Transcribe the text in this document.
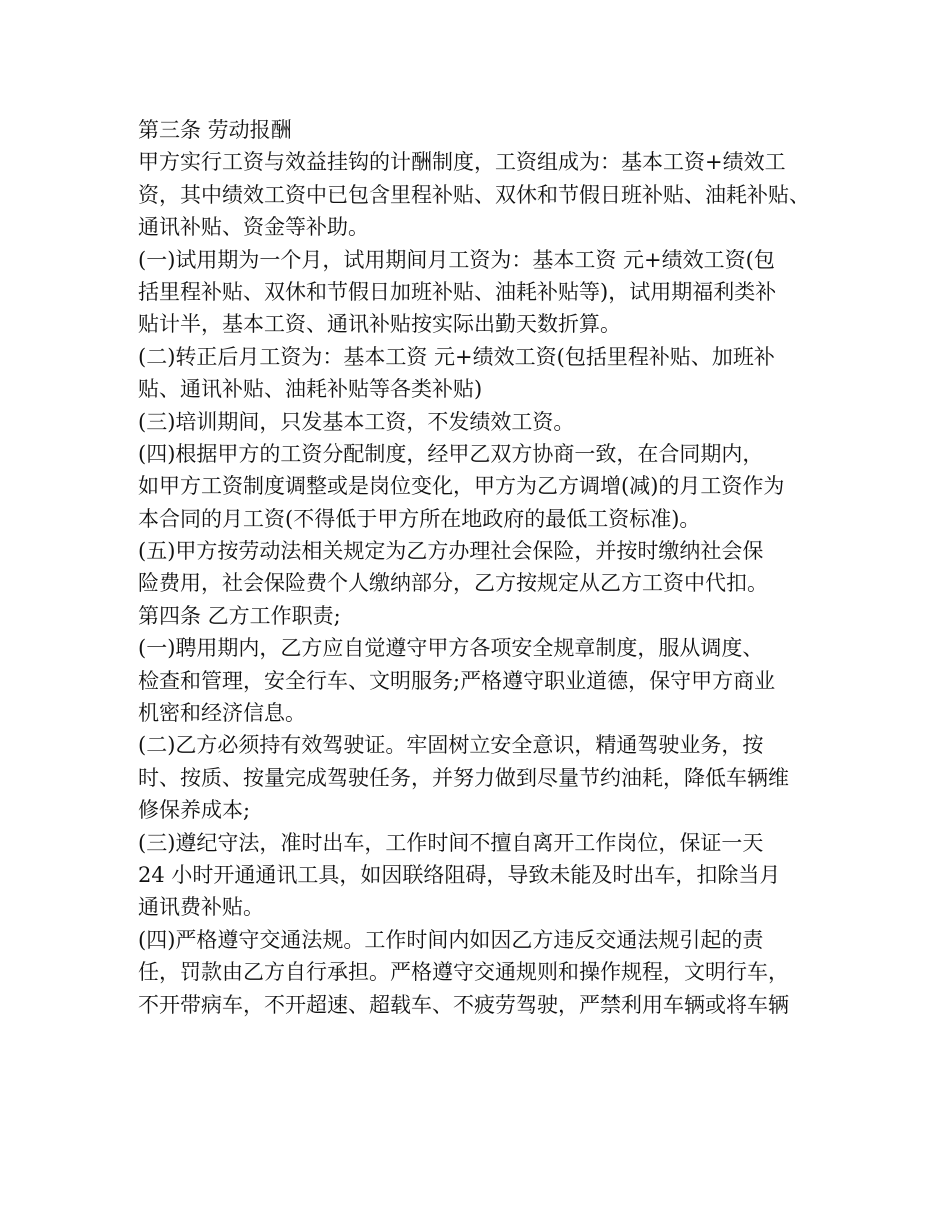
第三条 劳动报酬
甲方实行工资与效益挂钩的计酬制度，工资组成为：基本工资+绩效工
资，其中绩效工资中已包含里程补贴、双休和节假日班补贴、油耗补贴、
通讯补贴、资金等补助。
(一)试用期为一个月，试用期间月工资为：基本工资 元+绩效工资(包
括里程补贴、双休和节假日加班补贴、油耗补贴等)，试用期福利类补
贴计半，基本工资、通讯补贴按实际出勤天数折算。
(二)转正后月工资为：基本工资 元+绩效工资(包括里程补贴、加班补
贴、通讯补贴、油耗补贴等各类补贴)
(三)培训期间，只发基本工资，不发绩效工资。
(四)根据甲方的工资分配制度，经甲乙双方协商一致，在合同期内，
如甲方工资制度调整或是岗位变化，甲方为乙方调增(减)的月工资作为
本合同的月工资(不得低于甲方所在地政府的最低工资标准)。
(五)甲方按劳动法相关规定为乙方办理社会保险，并按时缴纳社会保
险费用，社会保险费个人缴纳部分，乙方按规定从乙方工资中代扣。
第四条 乙方工作职责;
(一)聘用期内，乙方应自觉遵守甲方各项安全规章制度，服从调度、
检查和管理，安全行车、文明服务;严格遵守职业道德，保守甲方商业
机密和经济信息。
(二)乙方必须持有效驾驶证。牢固树立安全意识，精通驾驶业务，按
时、按质、按量完成驾驶任务，并努力做到尽量节约油耗，降低车辆维
修保养成本;
(三)遵纪守法，准时出车，工作时间不擅自离开工作岗位，保证一天
24 小时开通通讯工具，如因联络阻碍，导致未能及时出车，扣除当月
通讯费补贴。
(四)严格遵守交通法规。工作时间内如因乙方违反交通法规引起的责
任，罚款由乙方自行承担。严格遵守交通规则和操作规程，文明行车，
不开带病车，不开超速、超载车、不疲劳驾驶，严禁利用车辆或将车辆
